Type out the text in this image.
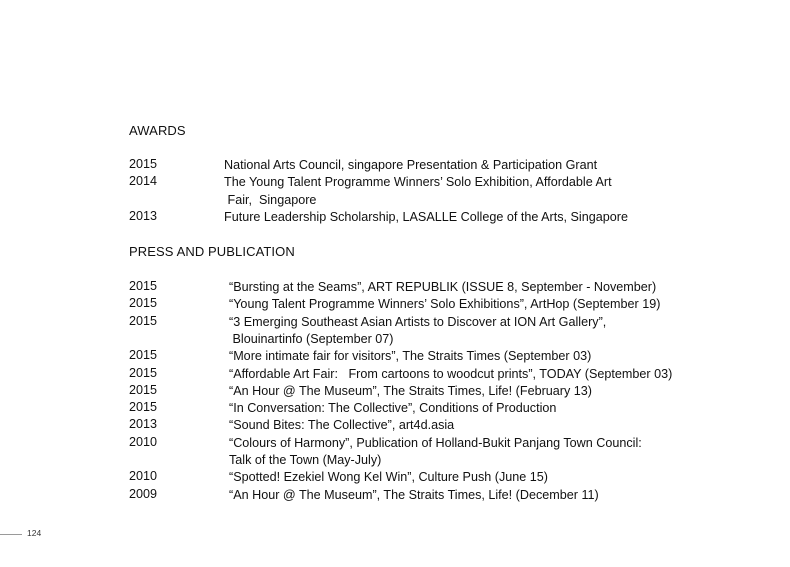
AWARDS
2015	National Arts Council, singapore Presentation & Participation Grant
2014	The Young Talent Programme Winners’ Solo Exhibition, Affordable Art
Fair,  Singapore
2013	Future Leadership Scholarship, LASALLE College of the Arts, Singapore
PRESS AND PUBLICATION
2015	“Bursting at the Seams”, ART REPUBLIK (ISSUE 8, September - November)
2015	“Young Talent Programme Winners’ Solo Exhibitions”, ArtHop (September 19)
2015	“3 Emerging Southeast Asian Artists to Discover at ION Art Gallery”,
Blouinartinfo (September 07)
2015	“More intimate fair for visitors”, The Straits Times (September 03)
2015	“Affordable Art Fair:   From cartoons to woodcut prints”, TODAY (September 03)
2015	“An Hour @ The Museum”, The Straits Times, Life! (February 13)
2015	“In Conversation: The Collective”, Conditions of Production
2013	“Sound Bites: The Collective”, art4d.asia
2010	“Colours of Harmony”, Publication of Holland-Bukit Panjang Town Council:
Talk of the Town (May-July)
2010	“Spotted! Ezekiel Wong Kel Win”, Culture Push (June 15)
2009	“An Hour @ The Museum”, The Straits Times, Life! (December 11)
124
